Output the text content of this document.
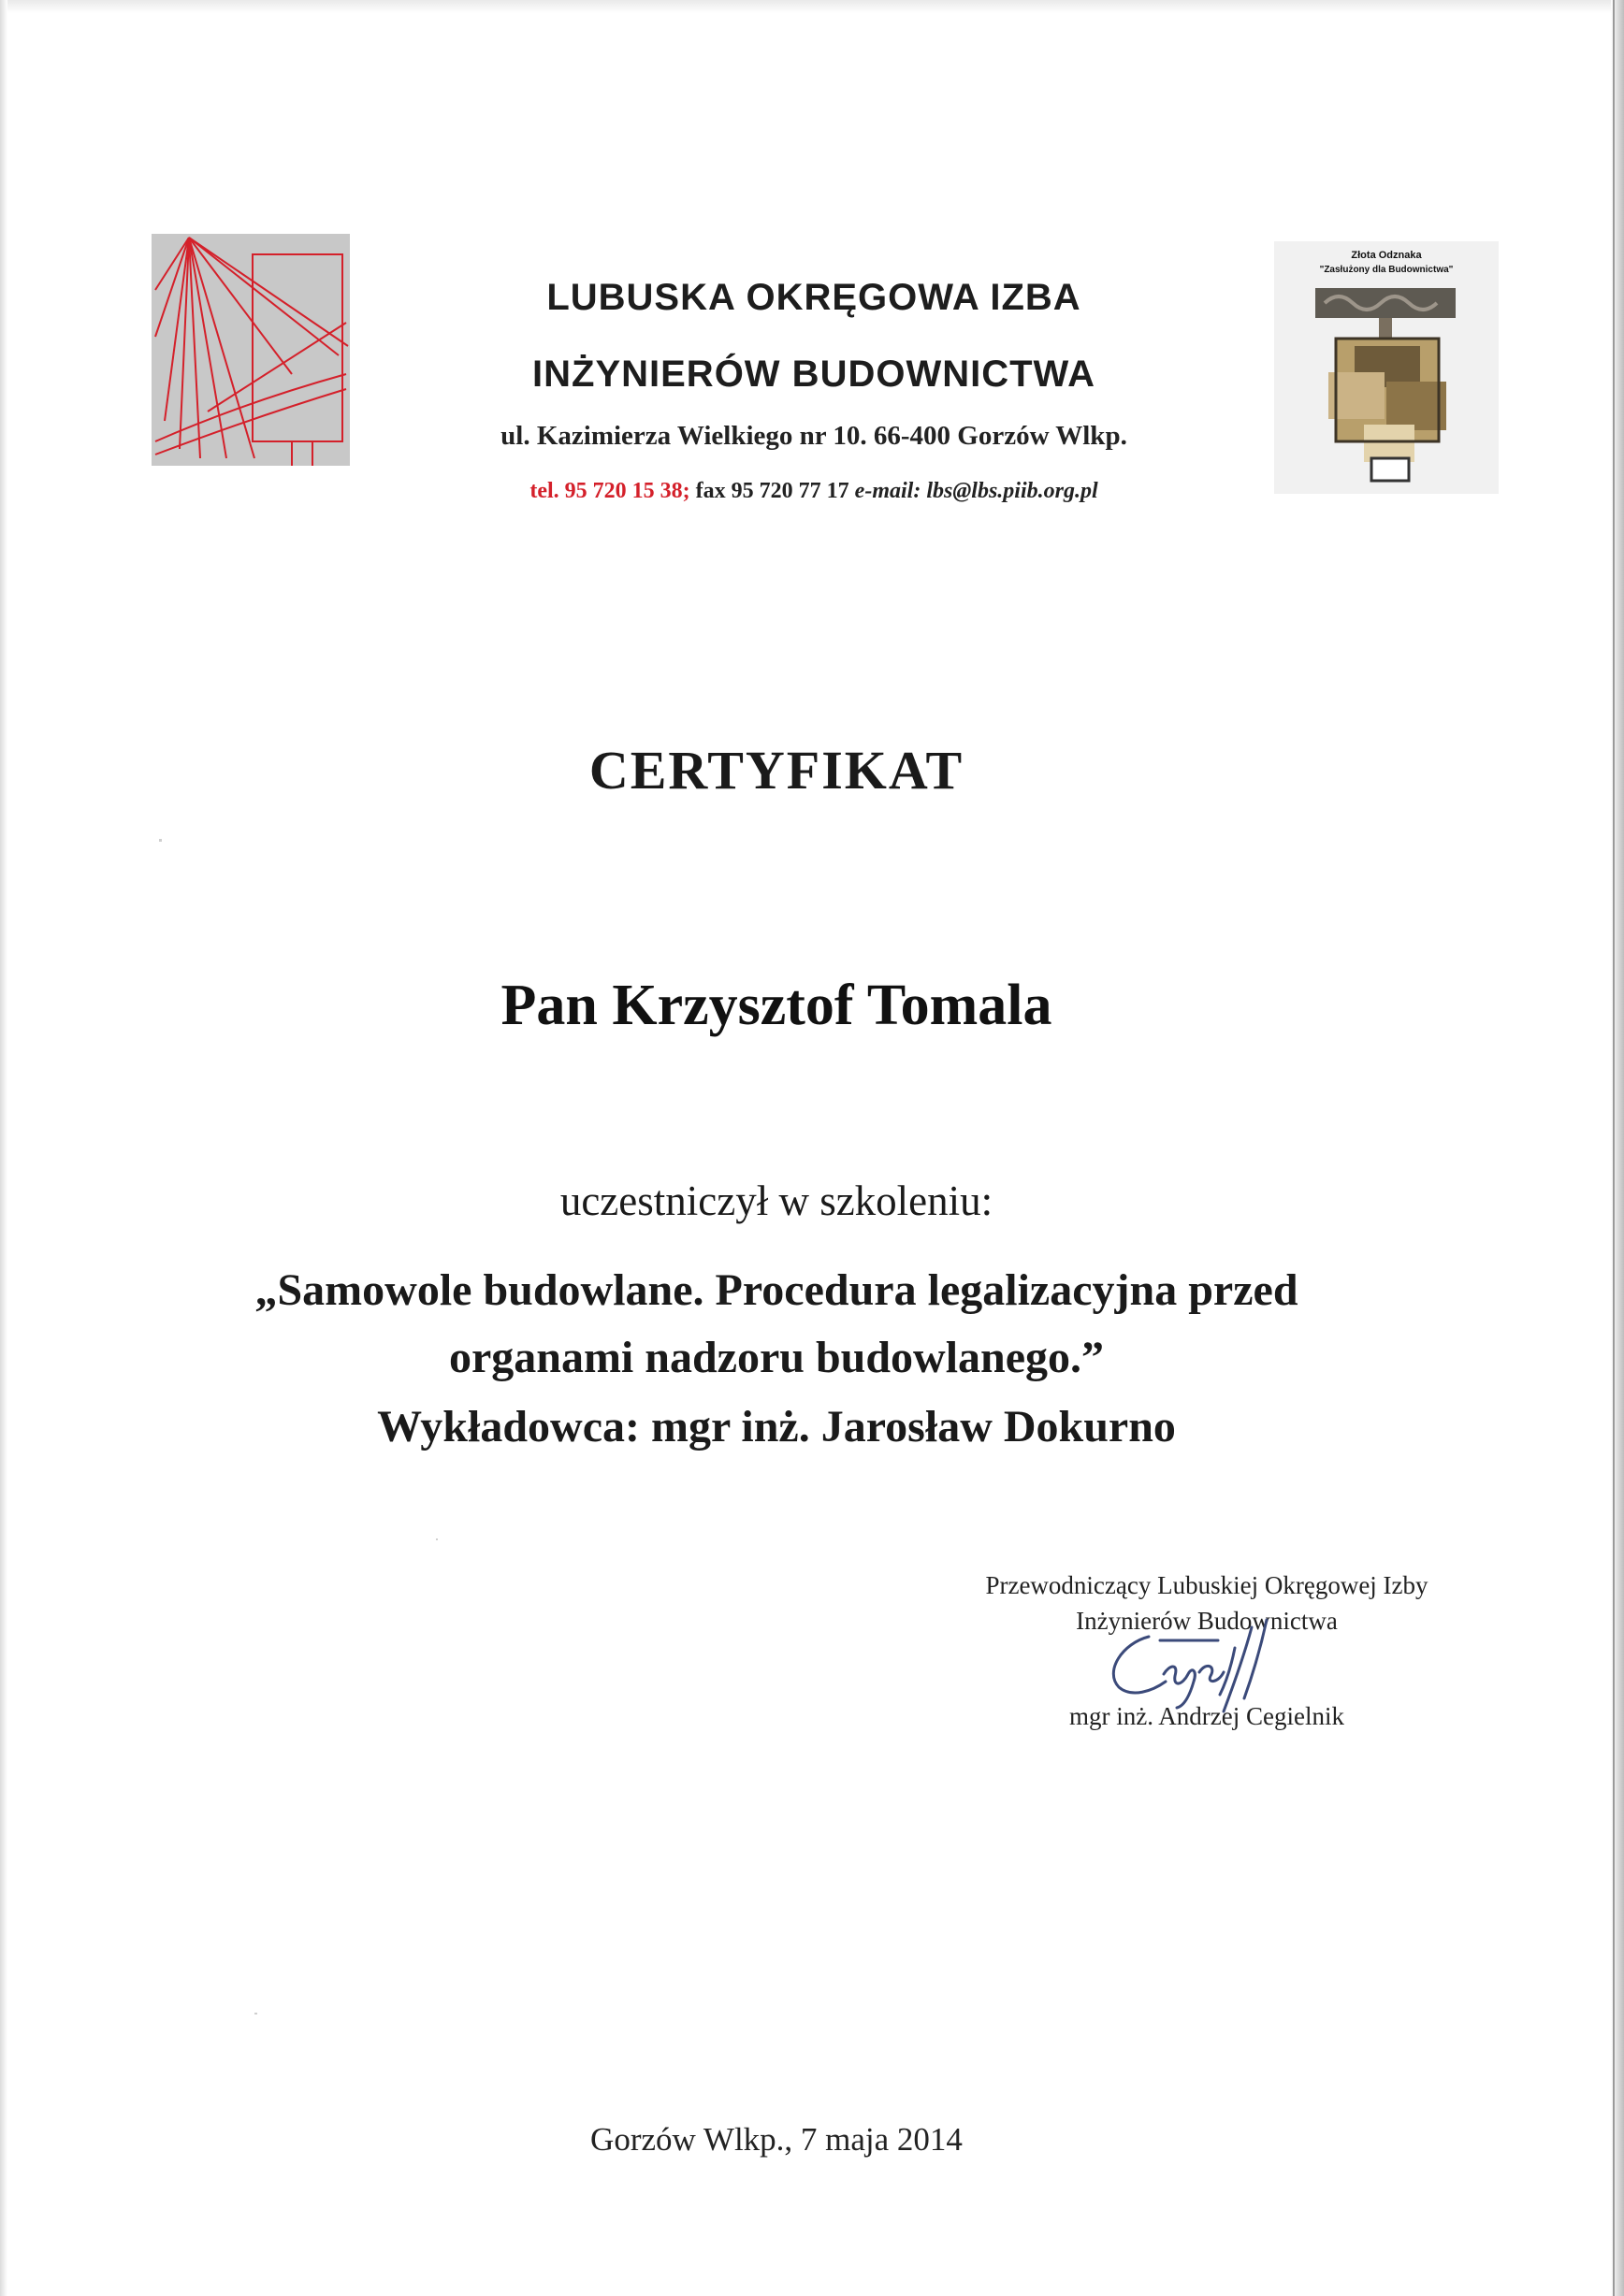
Złota Odznaka
"Zasłużony dla Budownictwa"
LUBUSKA OKRĘGOWA IZBA
INŻYNIERÓW BUDOWNICTWA
ul. Kazimierza Wielkiego nr 10. 66-400 Gorzów Wlkp.
tel. 95 720 15 38; fax 95 720 77 17 e-mail: lbs@lbs.piib.org.pl
CERTYFIKAT
Pan Krzysztof Tomala
uczestniczył w szkoleniu:
„Samowole budowlane. Procedura legalizacyjna przed
organami nadzoru budowlanego.”
Wykładowca: mgr inż. Jarosław Dokurno
Przewodniczący Lubuskiej Okręgowej Izby
Inżynierów Budownictwa
mgr inż. Andrzej Cegielnik
Gorzów Wlkp., 7 maja 2014
